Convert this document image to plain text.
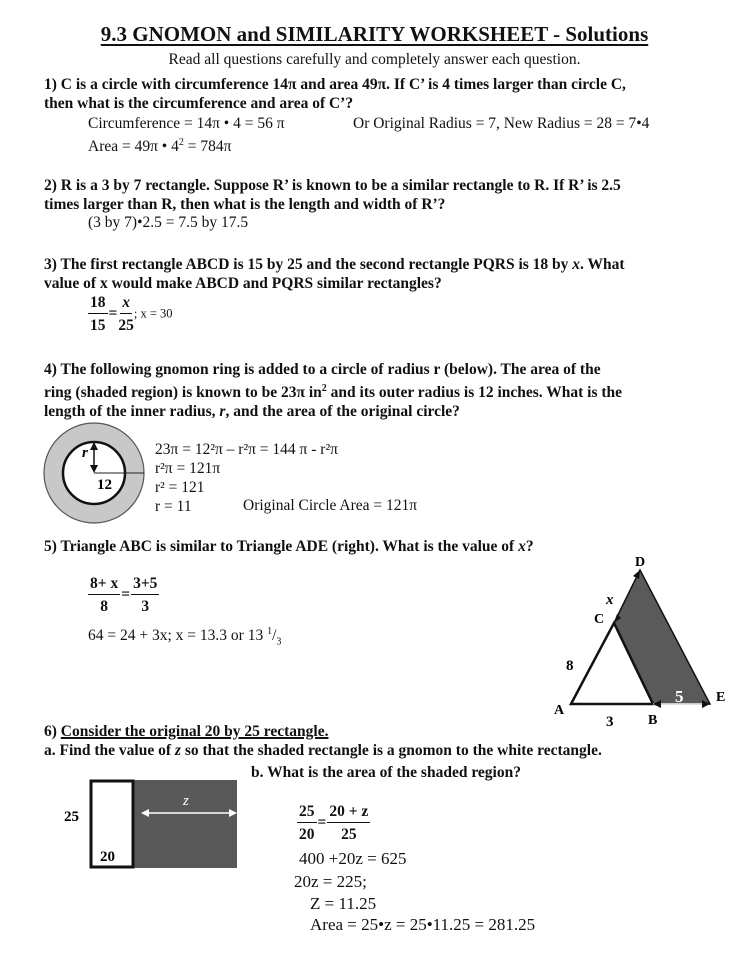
9.3 GNOMON and SIMILARITY WORKSHEET - Solutions
Read all questions carefully and completely answer each question.
1) C is a circle with circumference 14π and area 49π. If C’ is 4 times larger than circle C,
then what is the circumference and area of C’?
Circumference = 14π • 4 = 56 π	Or Original Radius = 7, New Radius = 28 = 7•4
Area = 49π • $4^2 = 784\pi$
2) R is a 3 by 7 rectangle. Suppose R’ is known to be a similar rectangle to R. If R’ is 2.5
times larger than R, then what is the length and width of R’?
(3 by 7)•2.5 = 7.5 by 17.5
3) The first rectangle ABCD is 15 by 25 and the second rectangle PQRS is 18 by x. What
value of x would make ABCD and PQRS similar rectangles?
$\frac{18}{15} = \frac{x}{25}$ ; x = 30
4) The following gnomon ring is added to a circle of radius r (below). The area of the
ring (shaded region) is known to be 23π $in^2$ and its outer radius is 12 inches. What is the
length of the inner radius, r, and the area of the original circle?
r
12
23π = 12²π – r²π = 144 π - r²π
r²π = 121π
r² = 121
r = 11	Original Circle Area = 121π
5) Triangle ABC is similar to Triangle ADE (right). What is the value of x?
$\frac{8+ x}{8} = \frac{3+5}{3}$
64 = 24 + 3x; x = 13.3 or 13 $^1/_3$
D
x
C
8
A
3 B
5 E
6) Consider the original 20 by 25 rectangle.
a. Find the value of z so that the shaded rectangle is a gnomon to the white rectangle.
b. What is the area of the shaded region?
z
25
20
$\frac{25}{20} = \frac{20 + z}{25}$
400 +20z = 625
20z = 225;
Z = 11.25
Area = 25•z = 25•11.25 = 281.25
